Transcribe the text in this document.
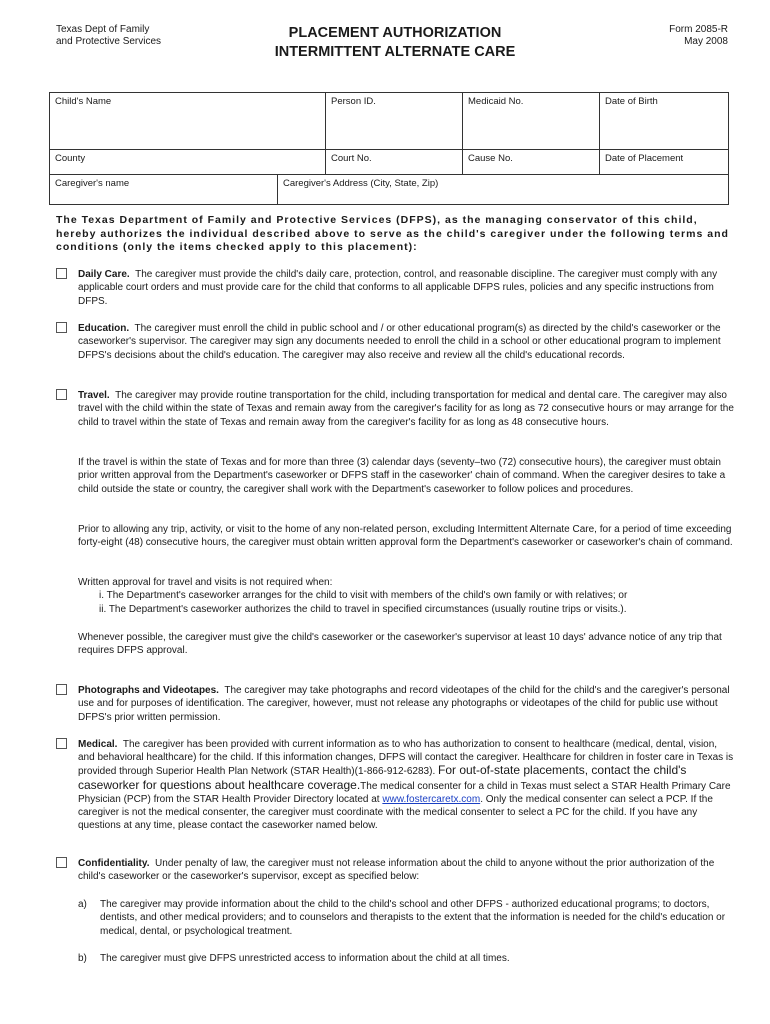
Texas Dept of Family
and Protective Services
PLACEMENT AUTHORIZATION
INTERMITTENT ALTERNATE CARE
Form 2085-R
May 2008
Child's Name	Person ID.	Medicaid No.	Date of Birth
County	Court No.	Cause No.	Date of Placement
Caregiver's name	Caregiver's Address (City, State, Zip)
The Texas Department of Family and Protective Services (DFPS), as the managing conservator of this child, hereby authorizes the individual described above to serve as the child's caregiver under the following terms and conditions (only the items checked apply to this placement):
Daily Care. The caregiver must provide the child's daily care, protection, control, and reasonable discipline. The caregiver must comply with any applicable court orders and must provide care for the child that conforms to all applicable DFPS rules, policies and any specific instructions from DFPS.
Education. The caregiver must enroll the child in public school and / or other educational program(s) as directed by the child's caseworker or the caseworker's supervisor. The caregiver may sign any documents needed to enroll the child in a school or other educational program to implement DFPS's decisions about the child's education. The caregiver may also receive and review all the child's educational records.
Travel. The caregiver may provide routine transportation for the child, including transportation for medical and dental care. The caregiver may also travel with the child within the state of Texas and remain away from the caregiver's facility for as long as 72 consecutive hours or may arrange for the child to travel within the state of Texas and remain away from the caregiver's facility for as long as 48 consecutive hours.
If the travel is within the state of Texas and for more than three (3) calendar days (seventy–two (72) consecutive hours), the caregiver must obtain prior written approval from the Department's caseworker or DFPS staff in the caseworker' chain of command. When the caregiver desires to take a child outside the state or country, the caregiver shall work with the Department's caseworker to follow polices and procedures.
Prior to allowing any trip, activity, or visit to the home of any non-related person, excluding Intermittent Alternate Care, for a period of time exceeding forty-eight (48) consecutive hours, the caregiver must obtain written approval form the Department's caseworker or caseworker's chain of command.
Written approval for travel and visits is not required when:
i. The Department's caseworker arranges for the child to visit with members of the child's own family or with relatives; or
ii. The Department's caseworker authorizes the child to travel in specified circumstances (usually routine trips or visits.).
Whenever possible, the caregiver must give the child's caseworker or the caseworker's supervisor at least 10 days' advance notice of any trip that requires DFPS approval.
Photographs and Videotapes. The caregiver may take photographs and record videotapes of the child for the child's and the caregiver's personal use and for purposes of identification. The caregiver, however, must not release any photographs or videotapes of the child for public use without DFPS's prior written permission.
Medical. The caregiver has been provided with current information as to who has authorization to consent to healthcare (medical, dental, vision, and behavioral healthcare) for the child. If this information changes, DFPS will contact the caregiver. Healthcare for children in foster care in Texas is provided through Superior Health Plan Network (STAR Health)(1-866-912-6283). For out-of-state placements, contact the child's caseworker for questions about healthcare coverage.The medical consenter for a child in Texas must select a STAR Health Primary Care Physician (PCP) from the STAR Health Provider Directory located at www.fostercaretx.com. Only the medical consenter can select a PCP. If the caregiver is not the medical consenter, the caregiver must coordinate with the medical consenter to select a PC for the child. If you have any questions at any time, please contact the caseworker named below.
Confidentiality. Under penalty of law, the caregiver must not release information about the child to anyone without the prior authorization of the child's caseworker or the caseworker's supervisor, except as specified below:
a) The caregiver may provide information about the child to the child's school and other DFPS - authorized educational programs; to doctors, dentists, and other medical providers; and to counselors and therapists to the extent that the information is needed for the child's education or medical, dental, or psychological treatment.
b) The caregiver must give DFPS unrestricted access to information about the child at all times.
